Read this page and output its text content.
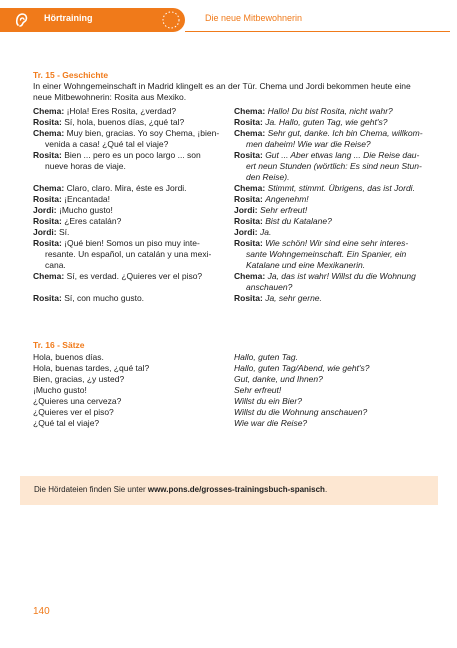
Hörtraining	Die neue Mitbewohnerin
Tr. 15 - Geschichte
In einer Wohngemeinschaft in Madrid klingelt es an der Tür. Chema und Jordi bekommen heute eine
neue Mitbewohnerin: Rosita aus Mexiko.
Chema: ¡Hola! Eres Rosita, ¿verdad?
Rosita: Sí, hola, buenos días, ¿qué tal?
Chema: Muy bien, gracias. Yo soy Chema, ¡bien-
venida a casa! ¿Qué tal el viaje?
Rosita: Bien ... pero es un poco largo ... son
nueve horas de viaje.
Chema: Claro, claro. Mira, éste es Jordi.
Rosita: ¡Encantada!
Jordi: ¡Mucho gusto!
Rosita: ¿Eres catalán?
Jordi: Sí.
Rosita: ¡Qué bien! Somos un piso muy inte-
resante. Un español, un catalán y una mexi-
cana.
Chema: Sí, es verdad. ¿Quieres ver el piso?
Rosita: Sí, con mucho gusto.
Chema: Hallo! Du bist Rosita, nicht wahr?
Rosita: Ja. Hallo, guten Tag, wie geht's?
Chema: Sehr gut, danke. Ich bin Chema, willkom-
men daheim! Wie war die Reise?
Rosita: Gut ... Aber etwas lang ... Die Reise dau-
ert neun Stunden (wörtlich: Es sind neun Stun-
den Reise).
Chema: Stimmt, stimmt. Übrigens, das ist Jordi.
Rosita: Angenehm!
Jordi: Sehr erfreut!
Rosita: Bist du Katalane?
Jordi: Ja.
Rosita: Wie schön! Wir sind eine sehr interes-
sante Wohngemeinschaft. Ein Spanier, ein
Katalane und eine Mexikanerin.
Chema: Ja, das ist wahr! Willst du die Wohnung
anschauen?
Rosita: Ja, sehr gerne.
Tr. 16 - Sätze
Hola, buenos días.
Hola, buenas tardes, ¿qué tal?
Bien, gracias, ¿y usted?
¡Mucho gusto!
¿Quieres una cerveza?
¿Quieres ver el piso?
¿Qué tal el viaje?
Hallo, guten Tag.
Hallo, guten Tag/Abend, wie geht's?
Gut, danke, und Ihnen?
Sehr erfreut!
Willst du ein Bier?
Willst du die Wohnung anschauen?
Wie war die Reise?
Die Hördateien finden Sie unter www.pons.de/grosses-trainingsbuch-spanisch.
140
